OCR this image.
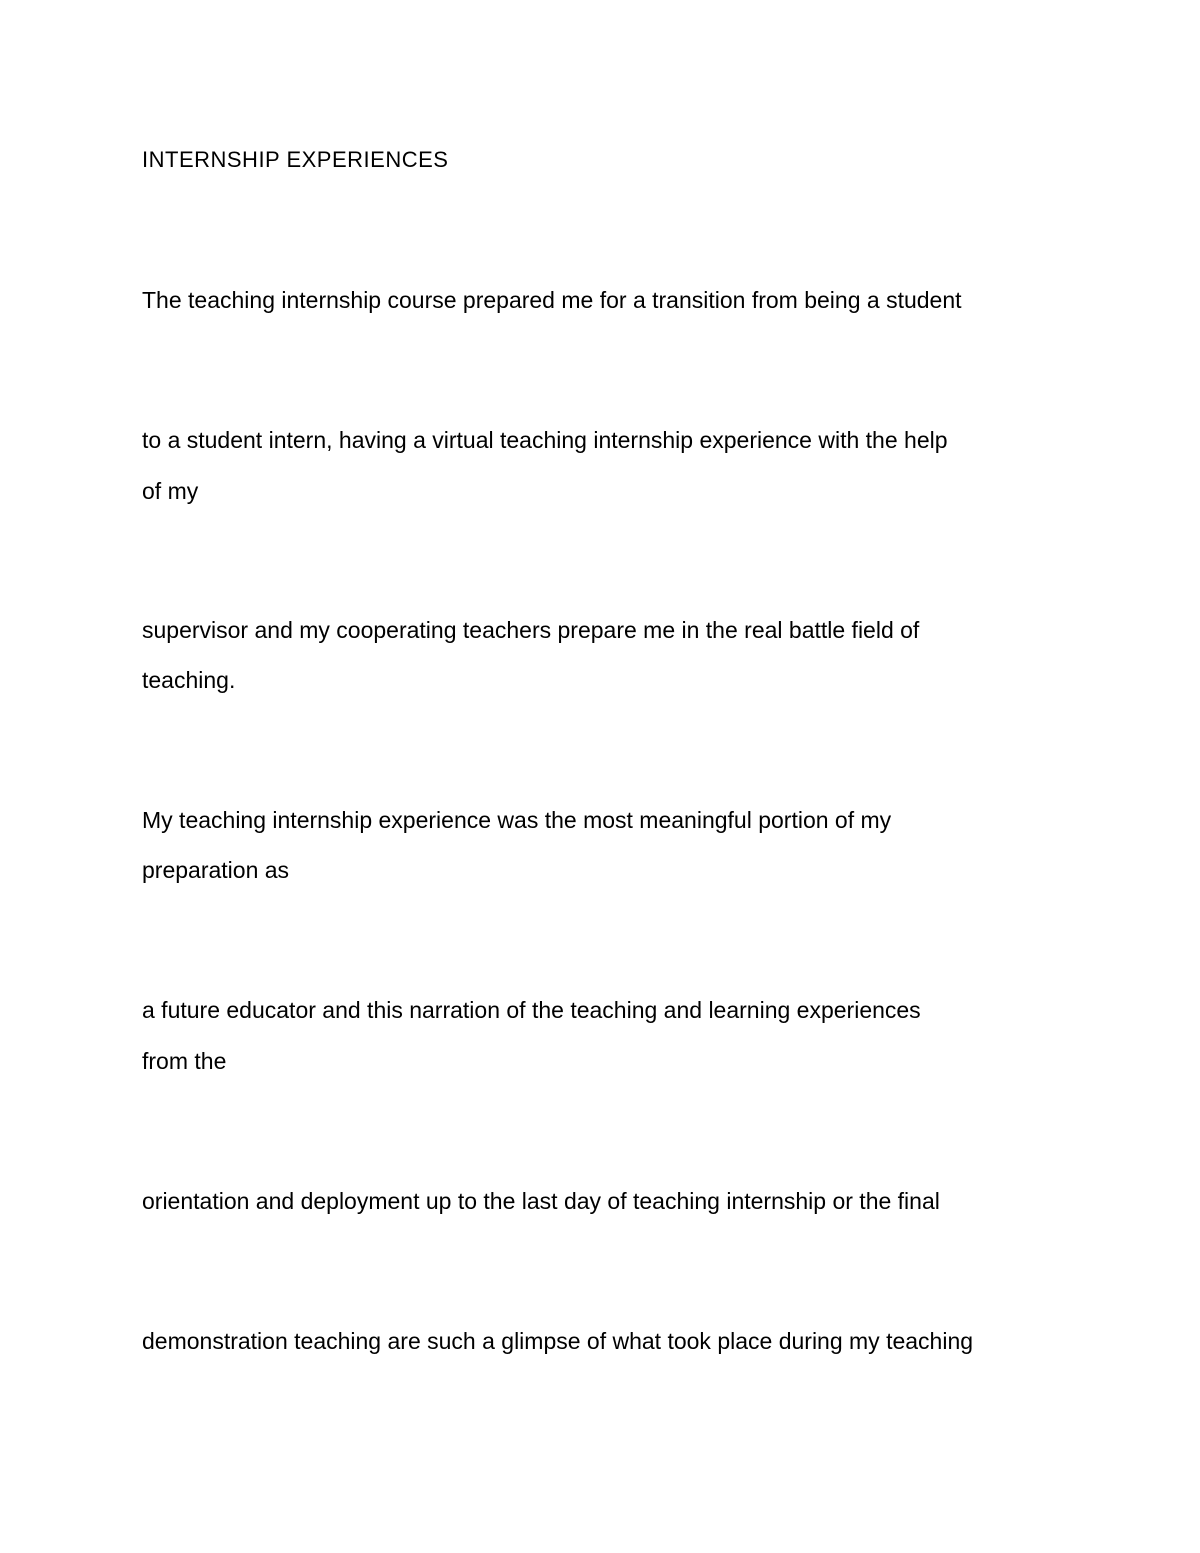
INTERNSHIP EXPERIENCES

The teaching internship course prepared me for a transition from being a student

to a student intern, having a virtual teaching internship experience with the help

of my

supervisor and my cooperating teachers prepare me in the real battle field of

teaching.

My teaching internship experience was the most meaningful portion of my

preparation as

a future educator and this narration of the teaching and learning experiences

from the

orientation and deployment up to the last day of teaching internship or the final

demonstration teaching are such a glimpse of what took place during my teaching
